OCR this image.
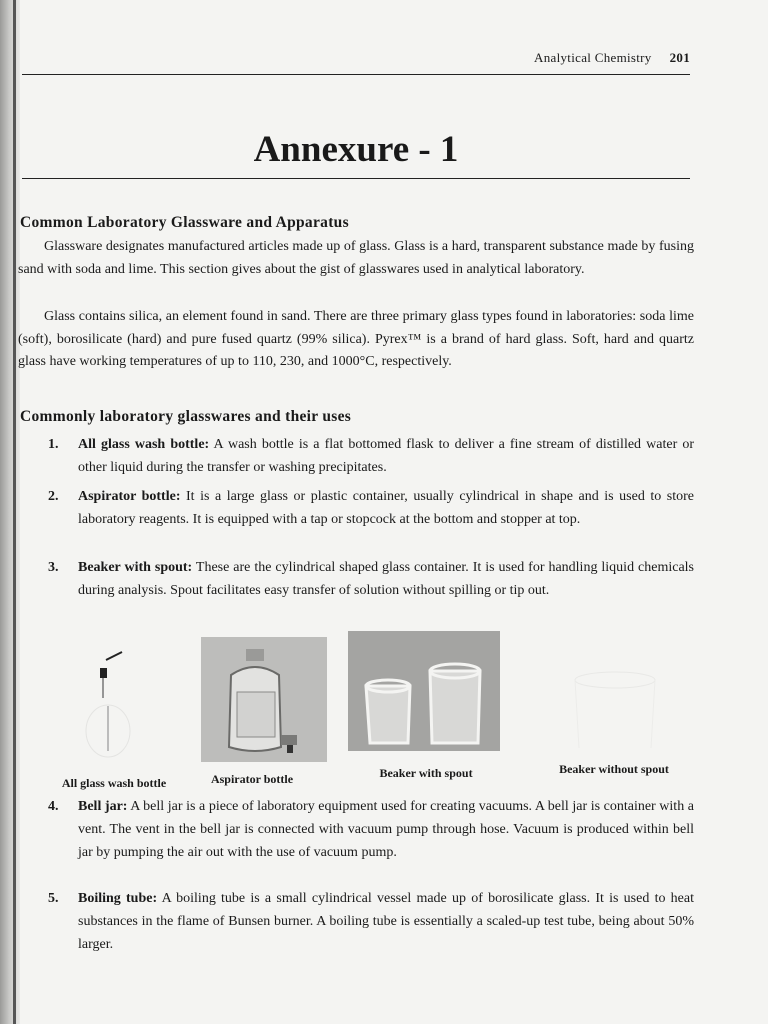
Analytical Chemistry 201
Annexure - 1
Common Laboratory Glassware and Apparatus

Glassware designates manufactured articles made up of glass. Glass is a hard, transparent substance made by fusing sand with soda and lime. This section gives about the gist of glasswares used in analytical laboratory.

Glass contains silica, an element found in sand. There are three primary glass types found in laboratories: soda lime (soft), borosilicate (hard) and pure fused quartz (99% silica). Pyrex™ is a brand of hard glass. Soft, hard and quartz glass have working temperatures of up to 110, 230, and 1000°C, respectively.

Commonly laboratory glasswares and their uses
1. All glass wash bottle: A wash bottle is a flat bottomed flask to deliver a fine stream of distilled water or other liquid during the transfer or washing precipitates.
2. Aspirator bottle: It is a large glass or plastic container, usually cylindrical in shape and is used to store laboratory reagents. It is equipped with a tap or stopcock at the bottom and stopper at top.
3. Beaker with spout: These are the cylindrical shaped glass container. It is used for handling liquid chemicals during analysis. Spout facilitates easy transfer of solution without spilling or tip out.
All glass wash bottle	Aspirator bottle	Beaker with spout	Beaker without spout
4. Bell jar: A bell jar is a piece of laboratory equipment used for creating vacuums. A bell jar is container with a vent. The vent in the bell jar is connected with vacuum pump through hose. Vacuum is produced within bell jar by pumping the air out with the use of vacuum pump.
5. Boiling tube: A boiling tube is a small cylindrical vessel made up of borosilicate glass. It is used to heat substances in the flame of Bunsen burner. A boiling tube is essentially a scaled-up test tube, being about 50% larger.
